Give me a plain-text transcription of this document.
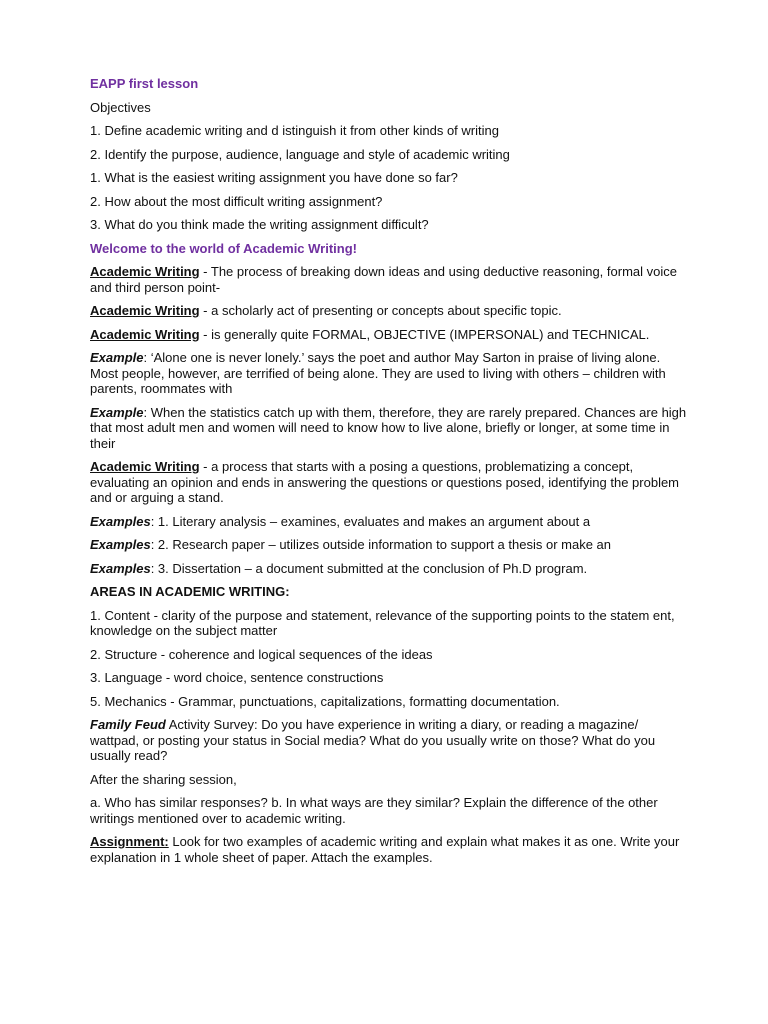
EAPP first lesson

Objectives

1. Define academic writing and d istinguish it from other kinds of writing

2. Identify the purpose, audience, language and style of academic writing

1. What is the easiest writing assignment you have done so far?

2. How about the most difficult writing assignment?

3. What do you think made the writing assignment difficult?

Welcome to the world of Academic Writing!

Academic Writing - The process of breaking down ideas and using deductive reasoning, formal voice and third person point-

Academic Writing - a scholarly act of presenting or concepts about specific topic.

Academic Writing - is generally quite FORMAL, OBJECTIVE (IMPERSONAL) and TECHNICAL.

Example: ‘Alone one is never lonely.’ says the poet and author May Sarton in praise of living alone. Most people, however, are terrified of being alone. They are used to living with others – children with parents, roommates with

Example: When the statistics catch up with them, therefore, they are rarely prepared. Chances are high that most adult men and women will need to know how to live alone, briefly or longer, at some time in their

Academic Writing - a process that starts with a posing a questions, problematizing a concept, evaluating an opinion and ends in answering the questions or questions posed, identifying the problem and or arguing a stand.

Examples: 1. Literary analysis – examines, evaluates and makes an argument about a

Examples: 2. Research paper – utilizes outside information to support a thesis or make an

Examples: 3. Dissertation – a document submitted at the conclusion of Ph.D program.

AREAS IN ACADEMIC WRITING:

1. Content - clarity of the purpose and statement, relevance of the supporting points to the statem ent, knowledge on the subject matter

2. Structure - coherence and logical sequences of the ideas

3. Language - word choice, sentence constructions

5. Mechanics - Grammar, punctuations, capitalizations, formatting documentation.

Family Feud Activity Survey: Do you have experience in writing a diary, or reading a magazine/ wattpad, or posting your status in Social media? What do you usually write on those? What do you usually read?

After the sharing session,

a. Who has similar responses? b. In what ways are they similar? Explain the difference of the other writings mentioned over to academic writing.

Assignment: Look for two examples of academic writing and explain what makes it as one. Write your explanation in 1 whole sheet of paper. Attach the examples.
